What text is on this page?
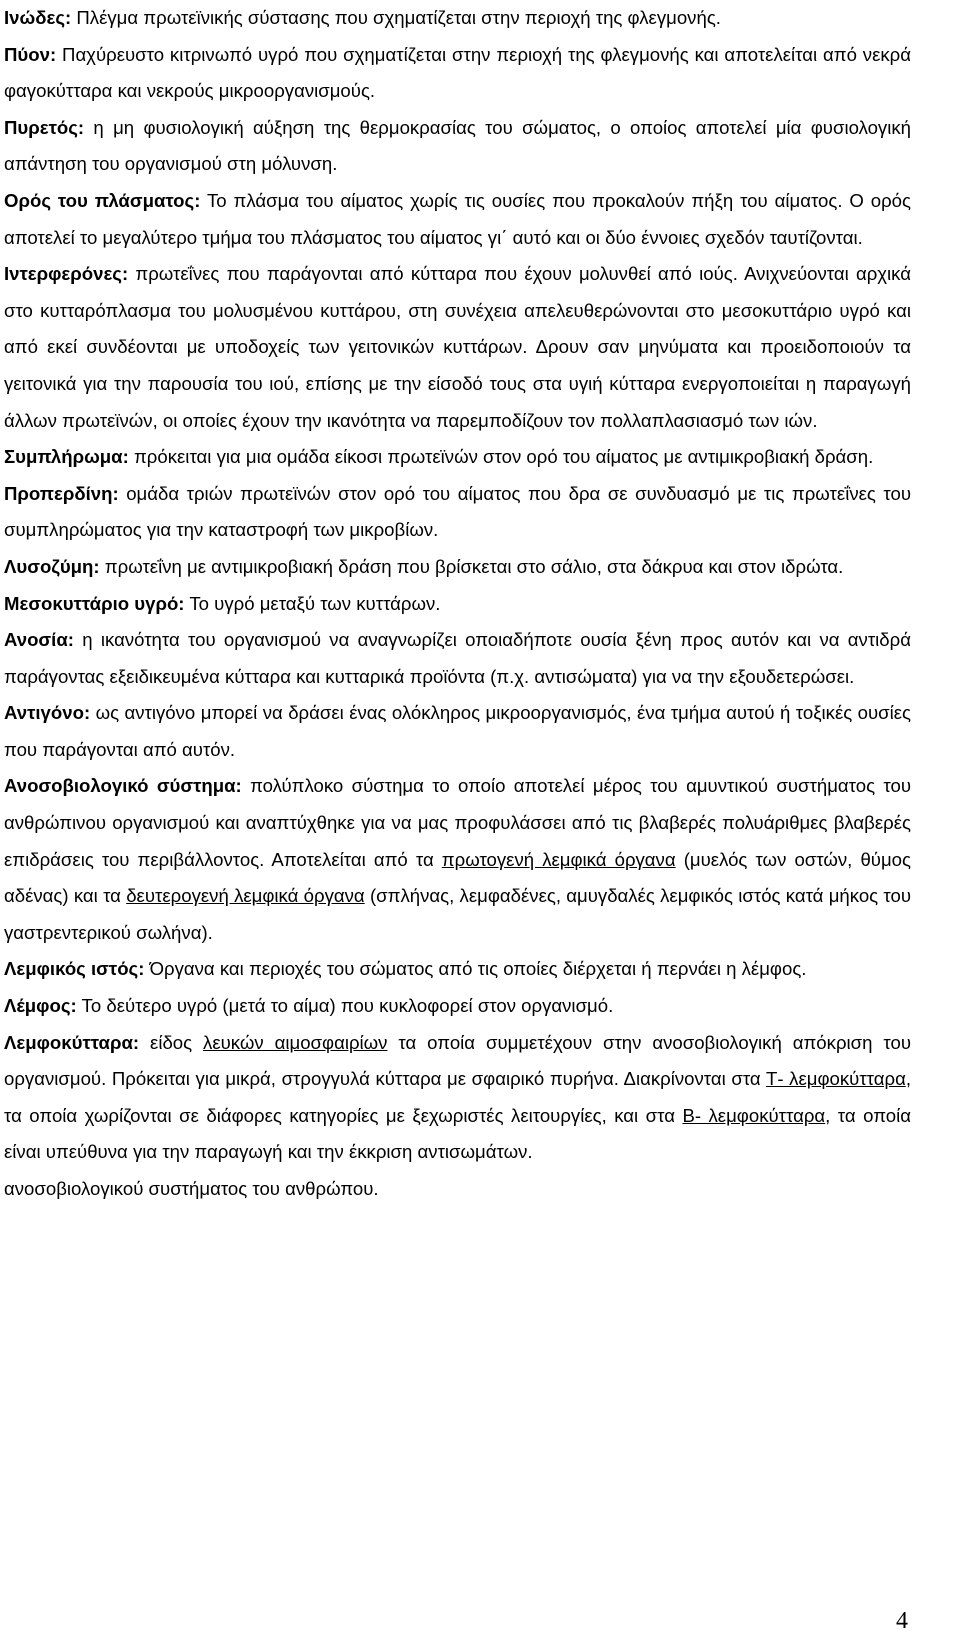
Ινώδες: Πλέγμα πρωτεϊνικής σύστασης που σχηματίζεται στην περιοχή της φλεγμονής.

Πύον: Παχύρευστο κιτρινωπό υγρό που σχηματίζεται στην περιοχή της φλεγμονής και αποτελείται από νεκρά φαγοκύτταρα και νεκρούς μικροοργανισμούς.

Πυρετός: η μη φυσιολογική αύξηση της θερμοκρασίας του σώματος, ο οποίος αποτελεί μία φυσιολογική απάντηση του οργανισμού στη μόλυνση.

Ορός του πλάσματος: Το πλάσμα του αίματος χωρίς τις ουσίες που προκαλούν πήξη του αίματος. Ο ορός αποτελεί το μεγαλύτερο τμήμα του πλάσματος του αίματος γι΄ αυτό και οι δύο έννοιες σχεδόν ταυτίζονται.

Ιντερφερόνες: πρωτεΐνες που παράγονται από κύτταρα που έχουν μολυνθεί από ιούς. Ανιχνεύονται αρχικά στο κυτταρόπλασμα του μολυσμένου κυττάρου, στη συνέχεια απελευθερώνονται στο μεσοκυττάριο υγρό και από εκεί συνδέονται με υποδοχείς των γειτονικών κυττάρων. Δρουν σαν μηνύματα και προειδοποιούν τα γειτονικά για την παρουσία του ιού, επίσης με την είσοδό τους στα υγιή κύτταρα ενεργοποιείται η παραγωγή άλλων πρωτεϊνών, οι οποίες έχουν την ικανότητα να παρεμποδίζουν τον πολλαπλασιασμό των ιών.

Συμπλήρωμα: πρόκειται για μια ομάδα είκοσι πρωτεϊνών στον ορό του αίματος με αντιμικροβιακή δράση.

Προπερδίνη: ομάδα τριών πρωτεϊνών στον ορό του αίματος που δρα σε συνδυασμό με τις πρωτεΐνες του συμπληρώματος για την καταστροφή των μικροβίων.

Λυσοζύμη: πρωτεΐνη με αντιμικροβιακή δράση που βρίσκεται στο σάλιο, στα δάκρυα και στον ιδρώτα.

Μεσοκυττάριο υγρό: Το υγρό μεταξύ των κυττάρων.

Ανοσία: η ικανότητα του οργανισμού να αναγνωρίζει οποιαδήποτε ουσία ξένη προς αυτόν και να αντιδρά παράγοντας εξειδικευμένα κύτταρα και κυτταρικά προϊόντα (π.χ. αντισώματα) για να την εξουδετερώσει.

Αντιγόνο: ως αντιγόνο μπορεί να δράσει ένας ολόκληρος μικροοργανισμός, ένα τμήμα αυτού ή τοξικές ουσίες που παράγονται από αυτόν.

Ανοσοβιολογικό σύστημα: πολύπλοκο σύστημα το οποίο αποτελεί μέρος του αμυντικού συστήματος του ανθρώπινου οργανισμού και αναπτύχθηκε για να μας προφυλάσσει από τις βλαβερές πολυάριθμες βλαβερές επιδράσεις του περιβάλλοντος. Αποτελείται από τα πρωτογενή λεμφικά όργανα (μυελός των οστών, θύμος αδένας) και τα δευτερογενή λεμφικά όργανα (σπλήνας, λεμφαδένες, αμυγδαλές λεμφικός ιστός κατά μήκος του γαστρεντερικού σωλήνα).

Λεμφικός ιστός: Όργανα και περιοχές του σώματος από τις οποίες διέρχεται ή περνάει η λέμφος.

Λέμφος: Το δεύτερο υγρό (μετά το αίμα) που κυκλοφορεί στον οργανισμό.

Λεμφοκύτταρα: είδος λευκών αιμοσφαιρίων τα οποία συμμετέχουν στην ανοσοβιολογική απόκριση του οργανισμού. Πρόκειται για μικρά, στρογγυλά κύτταρα με σφαιρικό πυρήνα. Διακρίνονται στα Τ- λεμφοκύτταρα, τα οποία χωρίζονται σε διάφορες κατηγορίες με ξεχωριστές λειτουργίες, και στα Β- λεμφοκύτταρα, τα οποία είναι υπεύθυνα για την παραγωγή και την έκκριση αντισωμάτων.

ανοσοβιολογικού συστήματος του ανθρώπου.

4
